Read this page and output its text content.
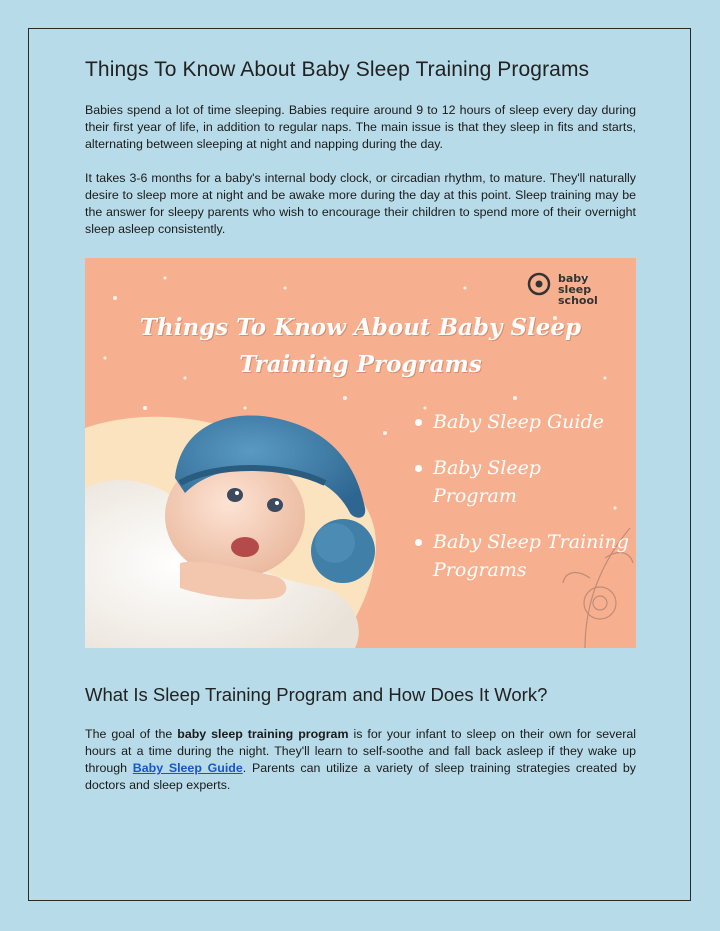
Things To Know About Baby Sleep Training Programs

Babies spend a lot of time sleeping. Babies require around 9 to 12 hours of sleep every day during their first year of life, in addition to regular naps. The main issue is that they sleep in fits and starts, alternating between sleeping at night and napping during the day.

It takes 3-6 months for a baby's internal body clock, or circadian rhythm, to mature. They'll naturally desire to sleep more at night and be awake more during the day at this point. Sleep training may be the answer for sleepy parents who wish to encourage their children to spend more of their overnight sleep asleep consistently.

baby sleep
school
Things To Know About Baby Sleep
Training Programs
Baby Sleep Guide
Baby Sleep Program
Baby Sleep Training Programs
What Is Sleep Training Program and How Does It Work?

The goal of the baby sleep training program is for your infant to sleep on their own for several hours at a time during the night. They'll learn to self-soothe and fall back asleep if they wake up through Baby Sleep Guide. Parents can utilize a variety of sleep training strategies created by doctors and sleep experts.
